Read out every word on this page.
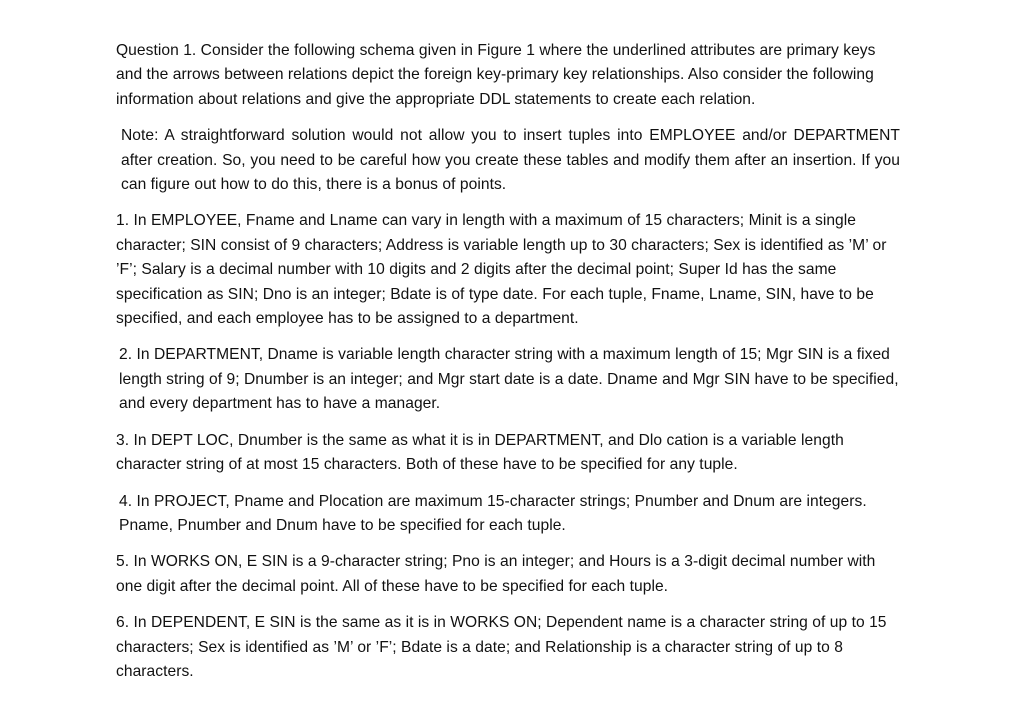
Question 1. Consider the following schema given in Figure 1 where the underlined attributes are primary keys and the arrows between relations depict the foreign key-primary key relationships. Also consider the following information about relations and give the appropriate DDL statements to create each relation.

Note: A straightforward solution would not allow you to insert tuples into EMPLOYEE and/or DEPARTMENT after creation. So, you need to be careful how you create these tables and modify them after an insertion. If you can figure out how to do this, there is a bonus of points.

1. In EMPLOYEE, Fname and Lname can vary in length with a maximum of 15 characters; Minit is a single character; SIN consist of 9 characters; Address is variable length up to 30 characters; Sex is identified as ’M’ or ’F’; Salary is a decimal number with 10 digits and 2 digits after the decimal point; Super Id has the same specification as SIN; Dno is an integer; Bdate is of type date. For each tuple, Fname, Lname, SIN, have to be specified, and each employee has to be assigned to a department.

2. In DEPARTMENT, Dname is variable length character string with a maximum length of 15; Mgr SIN is a fixed length string of 9; Dnumber is an integer; and Mgr start date is a date. Dname and Mgr SIN have to be specified, and every department has to have a manager.

3. In DEPT LOC, Dnumber is the same as what it is in DEPARTMENT, and Dlo cation is a variable length character string of at most 15 characters. Both of these have to be specified for any tuple.

4. In PROJECT, Pname and Plocation are maximum 15-character strings; Pnumber and Dnum are integers. Pname, Pnumber and Dnum have to be specified for each tuple.

5. In WORKS ON, E SIN is a 9-character string; Pno is an integer; and Hours is a 3-digit decimal number with one digit after the decimal point. All of these have to be specified for each tuple.

6. In DEPENDENT, E SIN is the same as it is in WORKS ON; Dependent name is a character string of up to 15 characters; Sex is identified as ’M’ or ’F’; Bdate is a date; and Relationship is a character string of up to 8 characters.
